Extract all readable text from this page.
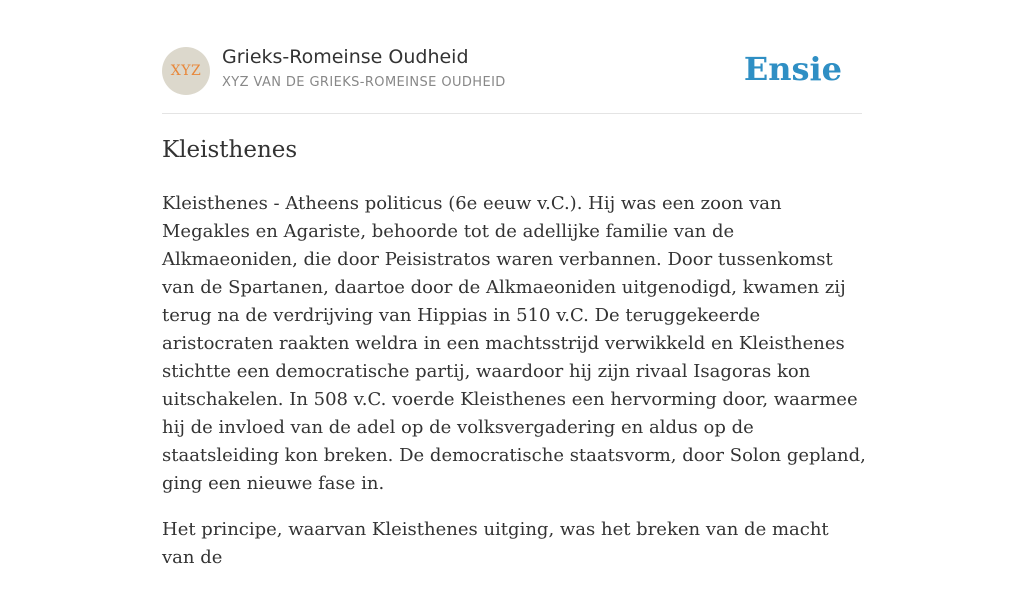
XYZ
Grieks-Romeinse Oudheid
XYZ VAN DE GRIEKS-ROMEINSE OUDHEID	Ensie
Kleisthenes

Kleisthenes - Atheens politicus (6e eeuw v.C.). Hij was een zoon van Megakles en Agariste, behoorde tot de adellijke familie van de Alkmaeoniden, die door Peisistratos waren verbannen. Door tussenkomst van de Spartanen, daartoe door de Alkmaeoniden uitgenodigd, kwamen zij terug na de verdrijving van Hippias in 510 v.C. De teruggekeerde aristocraten raakten weldra in een machtsstrijd verwikkeld en Kleisthenes stichtte een democratische partij, waardoor hij zijn rivaal Isagoras kon uitschakelen. In 508 v.C. voerde Kleisthenes een hervorming door, waarmee hij de invloed van de adel op de volksvergadering en aldus op de staatsleiding kon breken. De democratische staatsvorm, door Solon gepland, ging een nieuwe fase in.

Het principe, waarvan Kleisthenes uitging, was het breken van de macht van de
